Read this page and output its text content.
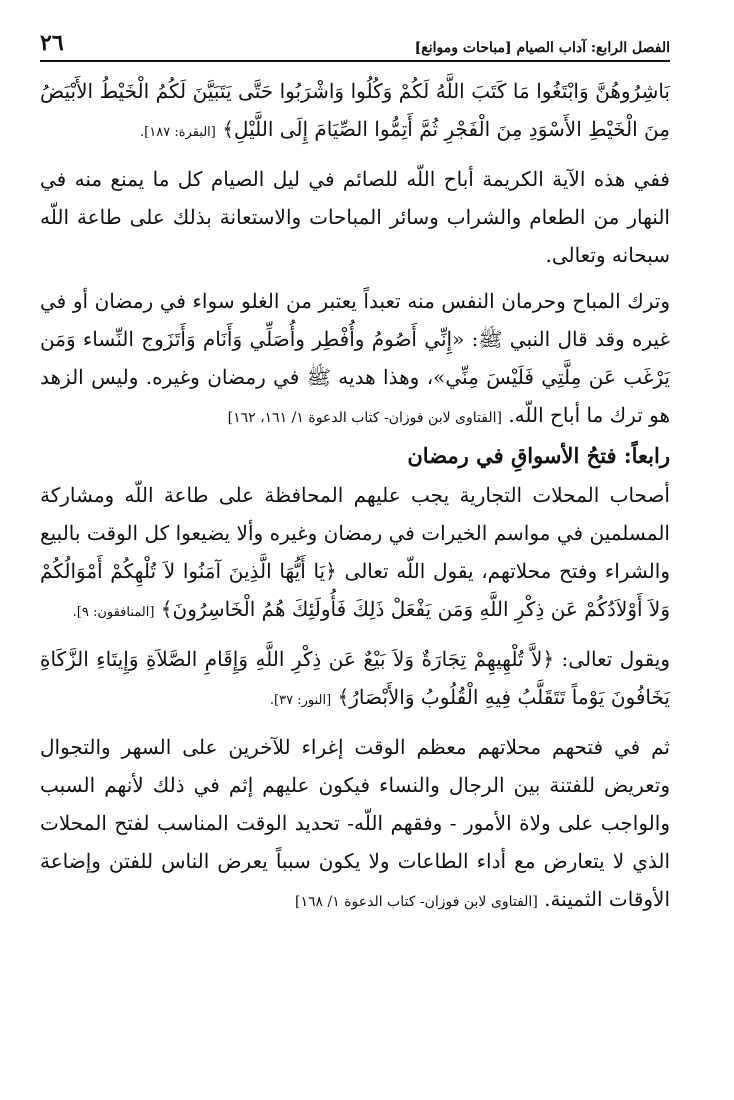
الفصل الرابع: آداب الصيام [مباحات وموانع]
٢٦

بَاشِرُوهُنَّ وَابْتَغُوا مَا كَتَبَ اللَّهُ لَكُمْ وَكُلُوا وَاشْرَبُوا حَتَّى يَتَبَيَّنَ لَكُمُ الْخَيْطُ الأَبْيَضُ مِنَ الْخَيْطِ الأَسْوَدِ مِنَ الْفَجْرِ ثُمَّ أَتِمُّوا الصِّيَامَ إِلَى اللَّيْلِ﴾ [البقرة: ١٨٧].

ففي هذه الآية الكريمة أباح اللّه للصائم في ليل الصيام كل ما يمنع منه في النهار من الطعام والشراب وسائر المباحات والاستعانة بذلك على طاعة اللّه سبحانه وتعالى.

وترك المباح وحرمان النفس منه تعبداً يعتبر من الغلو سواء في رمضان أو في غيره وقد قال النبي ﷺ: «إِنِّي أَصُومُ وأُفْطِر وأُصَلِّي وَأَنَام وَأَتَزَوج النِّساء وَمَن يَرْغَب عَن مِلَّتِي فَلَيْسَ مِنِّي»، وهذا هديه ﷺ في رمضان وغيره. وليس الزهد هو ترك ما أباح اللّه. [الفتاوى لابن فوزان- كتاب الدعوة ١/ ١٦١، ١٦٢]

رابعاً: فتحُ الأسواقِ في رمضان

أصحاب المحلات التجارية يجب عليهم المحافظة على طاعة اللّه ومشاركة المسلمين في مواسم الخيرات في رمضان وغيره وألا يضيعوا كل الوقت بالبيع والشراء وفتح محلاتهم، يقول اللّه تعالى ﴿يَا أَيُّهَا الَّذِينَ آمَنُوا لاَ تُلْهِكُمْ أَمْوَالُكُمْ وَلاَ أَوْلاَدُكُمْ عَن ذِكْرِ اللَّهِ وَمَن يَفْعَلْ ذَلِكَ فَأُولَئِكَ هُمُ الْخَاسِرُونَ﴾ [المنافقون: ٩].

ويقول تعالى: ﴿لاَّ تُلْهِيهِمْ تِجَارَةٌ وَلاَ بَيْعٌ عَن ذِكْرِ اللَّهِ وَإِقَامِ الصَّلاَةِ وَإِيتَاءِ الزَّكَاةِ يَخَافُونَ يَوْماً تَتَقَلَّبُ فِيهِ الْقُلُوبُ وَالأَبْصَارُ﴾ [النور: ٣٧].

ثم في فتحهم محلاتهم معظم الوقت إغراء للآخرين على السهر والتجوال وتعريض للفتنة بين الرجال والنساء فيكون عليهم إثم في ذلك لأنهم السبب والواجب على ولاة الأمور - وفقهم اللّه- تحديد الوقت المناسب لفتح المحلات الذي لا يتعارض مع أداء الطاعات ولا يكون سبباً يعرض الناس للفتن وإضاعة الأوقات الثمينة. [الفتاوى لابن فوزان- كتاب الدعوة ١/ ١٦٨]
